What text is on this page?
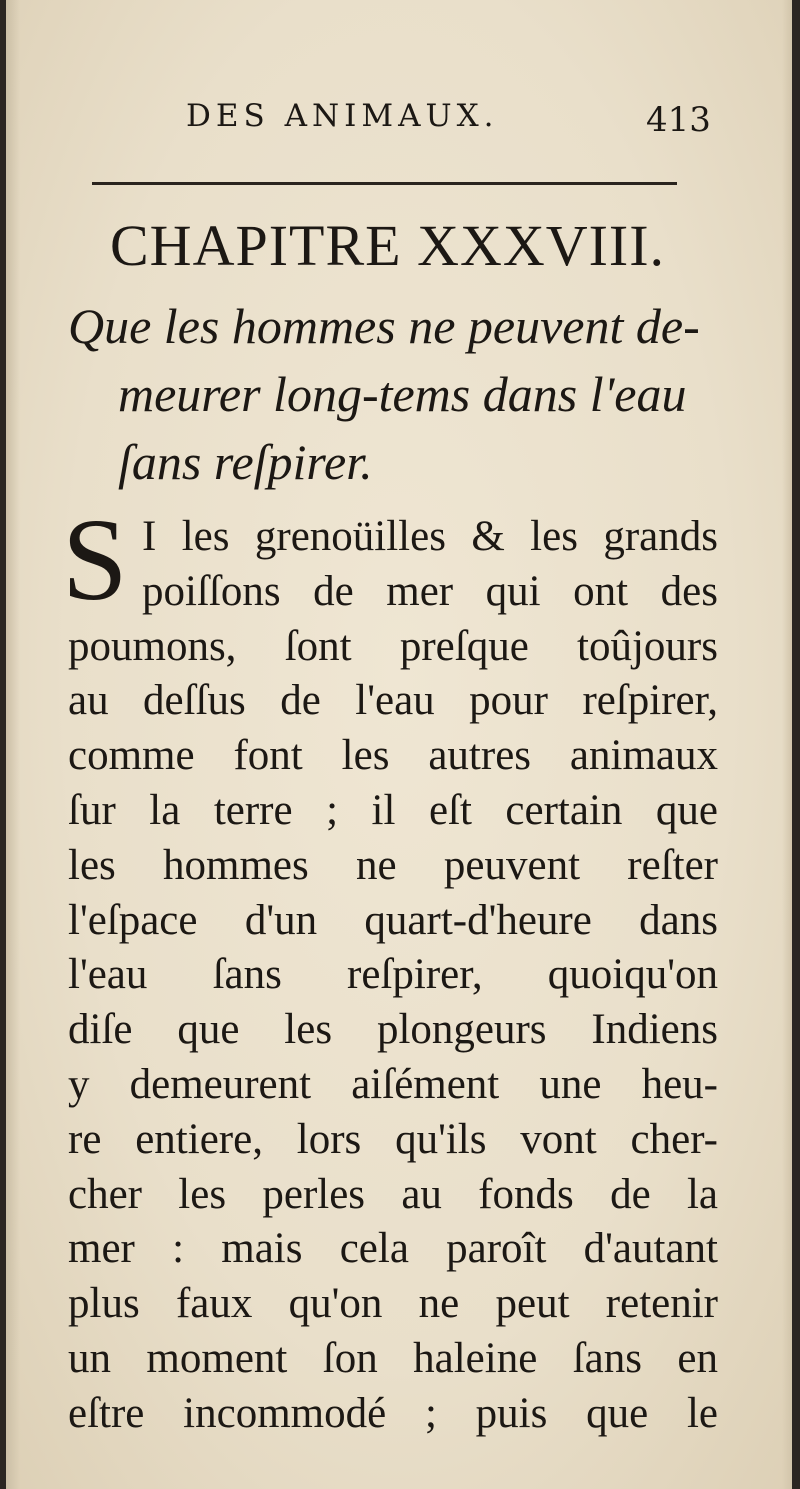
DES ANIMAUX.	413
CHAPITRE XXXVIII.
Que les hommes ne peuvent de-
meurer long-tems dans l'eau
ſans reſpirer.
S I les grenoüilles & les grands
poiſſons de mer qui ont des
poumons, ſont preſque toûjours
au deſſus de l'eau pour reſpirer,
comme font les autres animaux
ſur la terre ; il eſt certain que
les hommes ne peuvent reſter
l'eſpace d'un quart-d'heure dans
l'eau ſans reſpirer, quoiqu'on
diſe que les plongeurs Indiens
y demeurent aiſément une heu-
re entiere, lors qu'ils vont cher-
cher les perles au fonds de la
mer : mais cela paroît d'autant
plus faux qu'on ne peut retenir
un moment ſon haleine ſans en
eſtre incommodé ; puis que le
